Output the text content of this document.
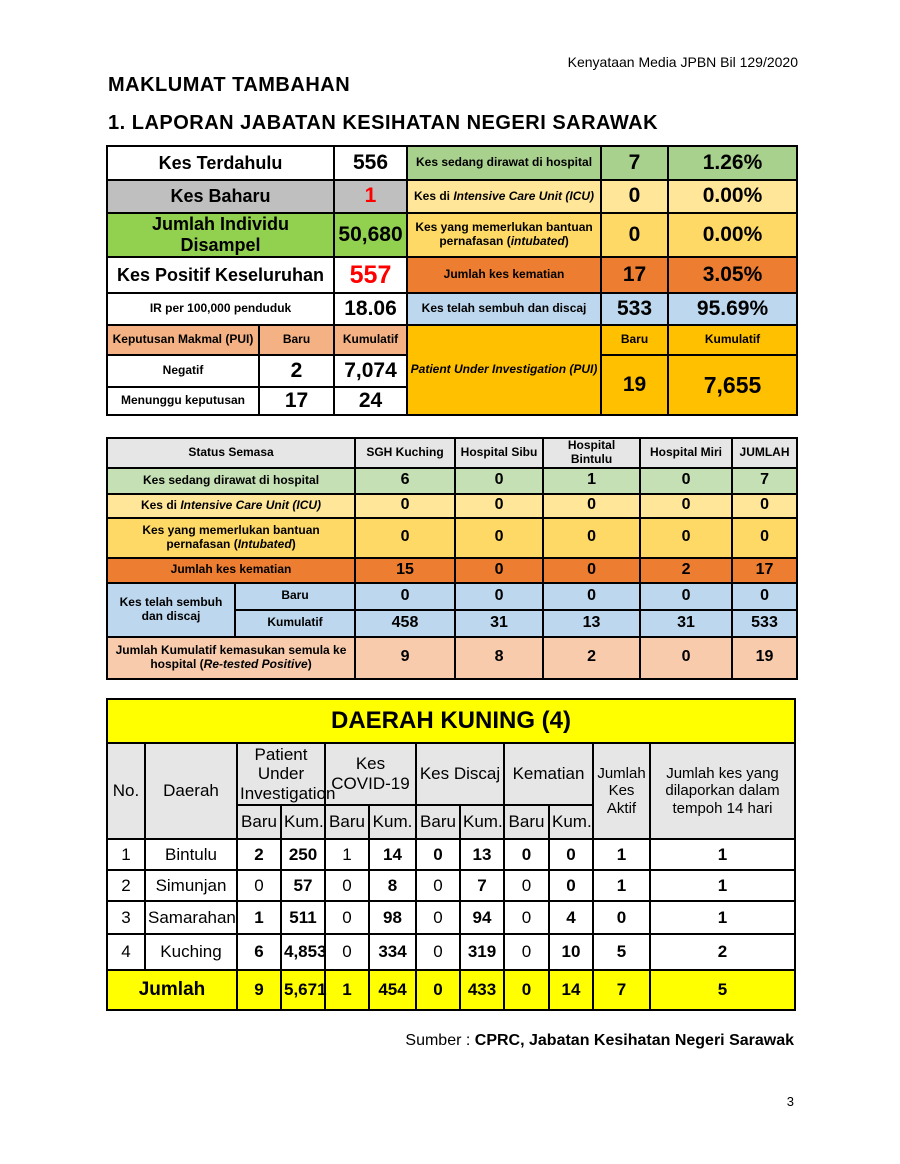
Kenyataan Media JPBN Bil 129/2020
MAKLUMAT TAMBAHAN
1. LAPORAN JABATAN KESIHATAN NEGERI SARAWAK
Kes Terdahulu		556	Kes sedang dirawat di hospital	7	1.26%
Kes Baharu		1	Kes di Intensive Care Unit (ICU)	0	0.00%
Jumlah Individu Disampel		50,680	Kes yang memerlukan bantuan pernafasan (intubated)	0	0.00%
Kes Positif Keseluruhan		557	Jumlah kes kematian	17	3.05%
IR per 100,000 penduduk		18.06	Kes telah sembuh dan discaj	533	95.69%
Keputusan Makmal (PUI)	Baru	Kumulatif	Patient Under Investigation (PUI)	Baru	Kumulatif
Negatif	2	7,074		19	7,655
Menunggu keputusan	17	24			
Status Semasa		SGH Kuching	Hospital Sibu	Hospital Bintulu	Hospital Miri	JUMLAH
Kes sedang dirawat di hospital		6	0	1	0	7
Kes di Intensive Care Unit (ICU)		0	0	0	0	0
Kes yang memerlukan bantuan pernafasan (Intubated)		0	0	0	0	0
Jumlah kes kematian		15	0	0	2	17
Kes telah sembuh dan discaj	Baru	0	0	0	0	0
	Kumulatif	458	31	13	31	533
Jumlah Kumulatif kemasukan semula ke hospital (Re-tested Positive)		9	8	2	0	19
DAERAH KUNING (4)											
No.	Daerah	Patient Under Investigation		Kes COVID-19		Kes Discaj		Kematian		Jumlah Kes Aktif	Jumlah kes yang dilaporkan dalam tempoh 14 hari
		Baru	Kum.	Baru	Kum.	Baru	Kum.	Baru	Kum.		
1	Bintulu	2	250	1	14	0	13	0	0	1	1
2	Simunjan	0	57	0	8	0	7	0	0	1	1
3	Samarahan	1	511	0	98	0	94	0	4	0	1
4	Kuching	6	4,853	0	334	0	319	0	10	5	2
Jumlah		9	5,671	1	454	0	433	0	14	7	5
Sumber : CPRC, Jabatan Kesihatan Negeri Sarawak
3
